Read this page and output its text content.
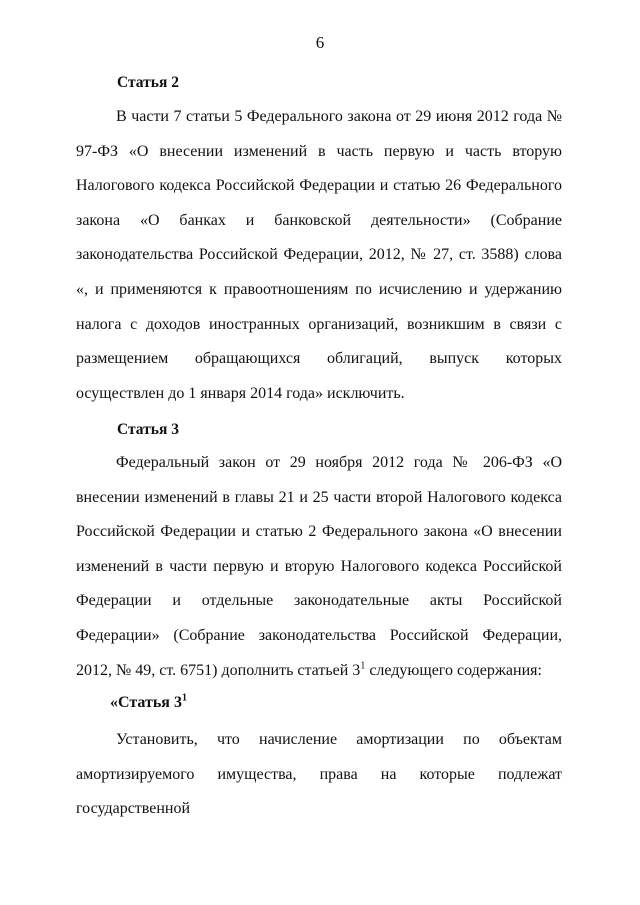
6
Статья 2
В части 7 статьи 5 Федерального закона от 29 июня 2012 года № 97-ФЗ «О внесении изменений в часть первую и часть вторую Налогового кодекса Российской Федерации и статью 26 Федерального закона «О банках и банковской деятельности» (Собрание законодательства Российской Федерации, 2012, № 27, ст. 3588) слова «, и применяются к правоотношениям по исчислению и удержанию налога с доходов иностранных организаций, возникшим в связи с размещением обращающихся облигаций, выпуск которых осуществлен до 1 января 2014 года» исключить.
Статья 3
Федеральный закон от 29 ноября 2012 года № 206-ФЗ «О внесении изменений в главы 21 и 25 части второй Налогового кодекса Российской Федерации и статью 2 Федерального закона «О внесении изменений в части первую и вторую Налогового кодекса Российской Федерации и отдельные законодательные акты Российской Федерации» (Собрание законодательства Российской Федерации, 2012, № 49, ст. 6751) дополнить статьей $3^1$ следующего содержания:
«Статья $3^1$
Установить, что начисление амортизации по объектам амортизируемого имущества, права на которые подлежат государственной
